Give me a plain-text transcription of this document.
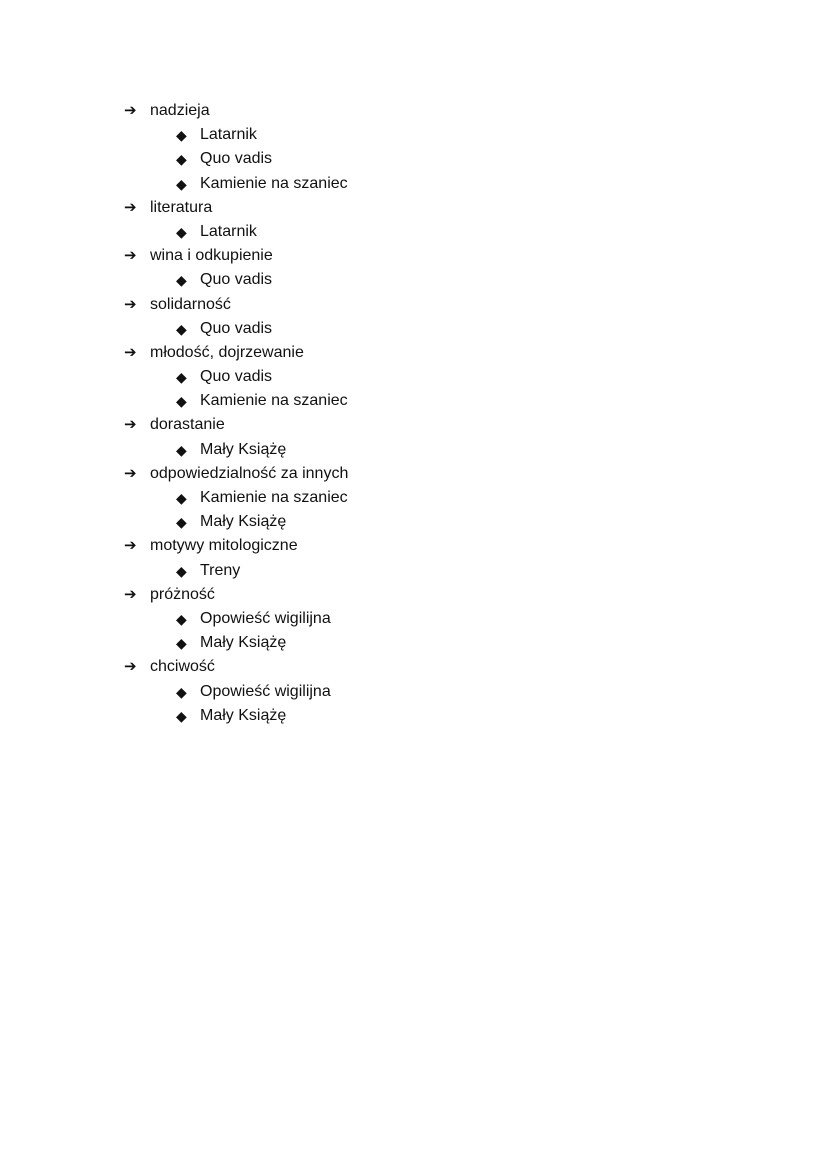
➔ nadzieja
◆ Latarnik
◆ Quo vadis
◆ Kamienie na szaniec
➔ literatura
◆ Latarnik
➔ wina i odkupienie
◆ Quo vadis
➔ solidarność
◆ Quo vadis
➔ młodość, dojrzewanie
◆ Quo vadis
◆ Kamienie na szaniec
➔ dorastanie
◆ Mały Książę
➔ odpowiedzialność za innych
◆ Kamienie na szaniec
◆ Mały Książę
➔ motywy mitologiczne
◆ Treny
➔ próżność
◆ Opowieść wigilijna
◆ Mały Książę
➔ chciwość
◆ Opowieść wigilijna
◆ Mały Książę
